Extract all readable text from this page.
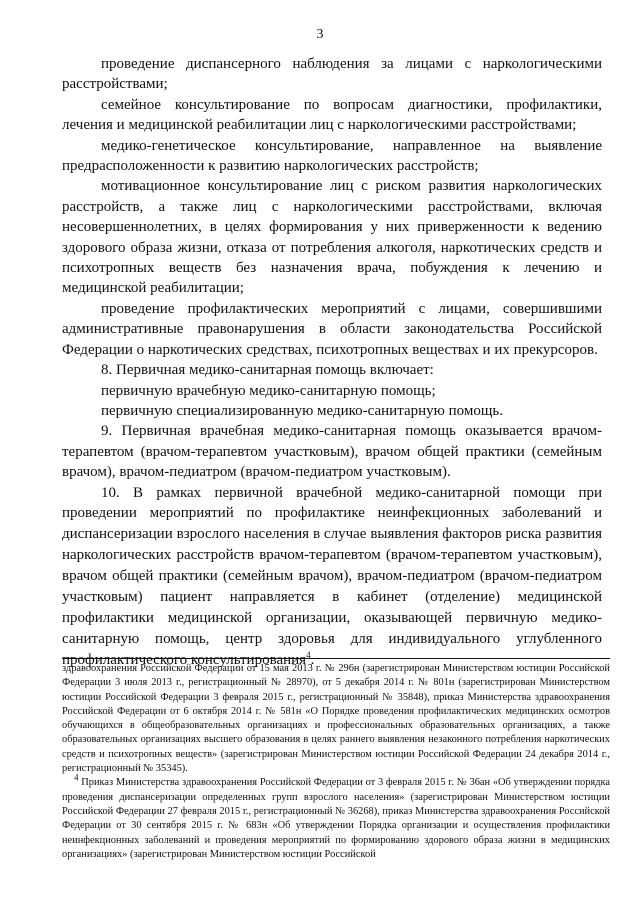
3

проведение диспансерного наблюдения за лицами с наркологическими расстройствами;

семейное консультирование по вопросам диагностики, профилактики, лечения и медицинской реабилитации лиц с наркологическими расстройствами;

медико-генетическое консультирование, направленное на выявление предрасположенности к развитию наркологических расстройств;

мотивационное консультирование лиц с риском развития наркологических расстройств, а также лиц с наркологическими расстройствами, включая несовершеннолетних, в целях формирования у них приверженности к ведению здорового образа жизни, отказа от потребления алкоголя, наркотических средств и психотропных веществ без назначения врача, побуждения к лечению и медицинской реабилитации;

проведение профилактических мероприятий с лицами, совершившими административные правонарушения в области законодательства Российской Федерации о наркотических средствах, психотропных веществах и их прекурсоров.

8. Первичная медико-санитарная помощь включает:

первичную врачебную медико-санитарную помощь;

первичную специализированную медико-санитарную помощь.

9. Первичная врачебная медико-санитарная помощь оказывается врачом-терапевтом (врачом-терапевтом участковым), врачом общей практики (семейным врачом), врачом-педиатром (врачом-педиатром участковым).

10. В рамках первичной врачебной медико-санитарной помощи при проведении мероприятий по профилактике неинфекционных заболеваний и диспансеризации взрослого населения в случае выявления факторов риска развития наркологических расстройств врачом-терапевтом (врачом-терапевтом участковым), врачом общей практики (семейным врачом), врачом-педиатром (врачом-педиатром участковым) пациент направляется в кабинет (отделение) медицинской профилактики медицинской организации, оказывающей первичную медико-санитарную помощь, центр здоровья для индивидуального углубленного профилактического консультирования$^4$.

здравоохранения Российской Федерации от 15 мая 2013 г. № 296н (зарегистрирован Министерством юстиции Российской Федерации 3 июля 2013 г., регистрационный № 28970), от 5 декабря 2014 г. № 801н (зарегистрирован Министерством юстиции Российской Федерации 3 февраля 2015 г., регистрационный № 35848), приказ Министерства здравоохранения Российской Федерации от 6 октября 2014 г. № 581н «О Порядке проведения профилактических медицинских осмотров обучающихся в общеобразовательных организациях и профессиональных образовательных организациях, а также образовательных организациях высшего образования в целях раннего выявления незаконного потребления наркотических средств и психотропных веществ» (зарегистрирован Министерством юстиции Российской Федерации 24 декабря 2014 г., регистрационный № 35345).

$^4$ Приказ Министерства здравоохранения Российской Федерации от 3 февраля 2015 г. № 36ан «Об утверждении порядка проведения диспансеризации определенных групп взрослого населения» (зарегистрирован Министерством юстиции Российской Федерации 27 февраля 2015 г., регистрационный № 36268), приказ Министерства здравоохранения Российской Федерации от 30 сентября 2015 г. № 683н «Об утверждении Порядка организации и осуществления профилактики неинфекционных заболеваний и проведения мероприятий по формированию здорового образа жизни в медицинских организациях» (зарегистрирован Министерством юстиции Российской
